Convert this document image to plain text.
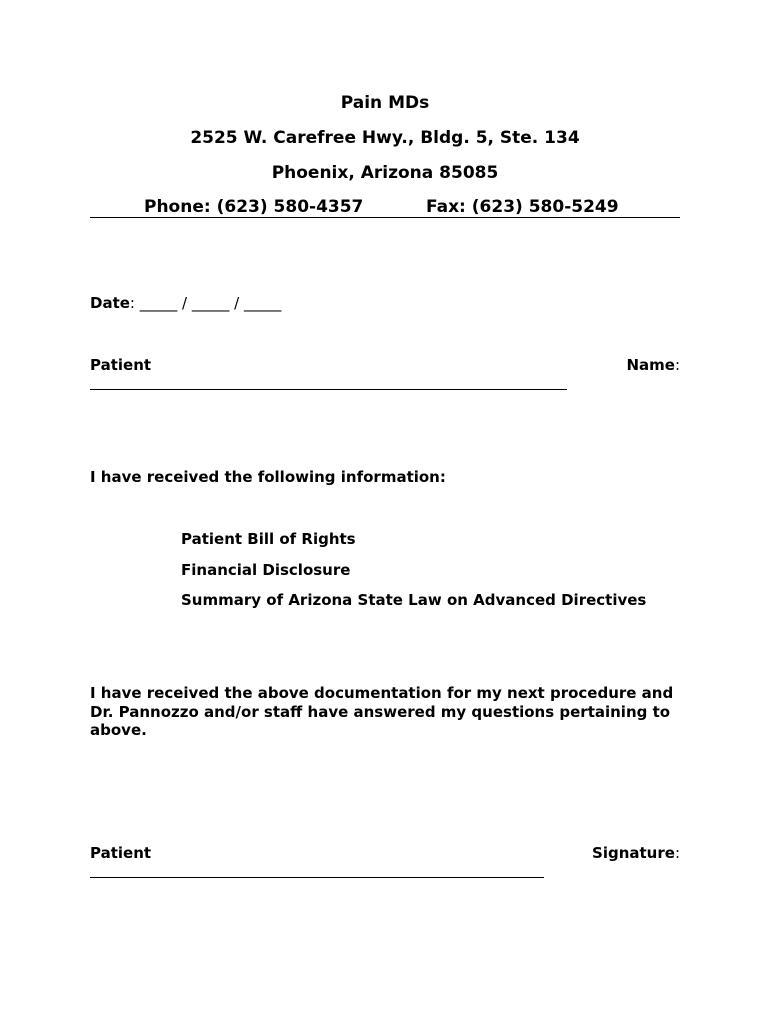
Pain MDs
2525 W. Carefree Hwy., Bldg. 5, Ste. 134
Phoenix, Arizona 85085
Phone: (623) 580-4357	Fax: (623) 580-5249
Date: _____ / _____ / _____
Patient	Name:
I have received the following information:
Patient Bill of Rights
Financial Disclosure
Summary of Arizona State Law on Advanced Directives
I have received the above documentation for my next procedure and
Dr. Pannozzo and/or staff have answered my questions pertaining to
above.
Patient	Signature:
